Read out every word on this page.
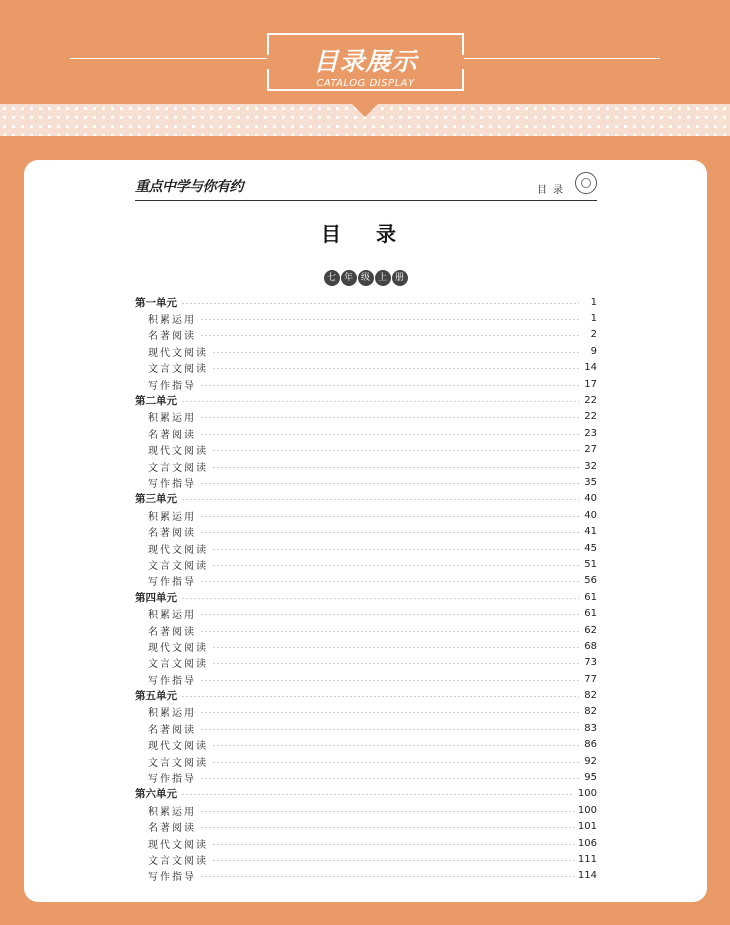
目录展示
CATALOG DISPLAY
重点中学与你有约	目录
目 录
七 年 级 上 册
第一单元	1
积累运用	1
名著阅读	2
现代文阅读	9
文言文阅读	14
写作指导	17
第二单元	22
积累运用	22
名著阅读	23
现代文阅读	27
文言文阅读	32
写作指导	35
第三单元	40
积累运用	40
名著阅读	41
现代文阅读	45
文言文阅读	51
写作指导	56
第四单元	61
积累运用	61
名著阅读	62
现代文阅读	68
文言文阅读	73
写作指导	77
第五单元	82
积累运用	82
名著阅读	83
现代文阅读	86
文言文阅读	92
写作指导	95
第六单元	100
积累运用	100
名著阅读	101
现代文阅读	106
文言文阅读	111
写作指导	114
